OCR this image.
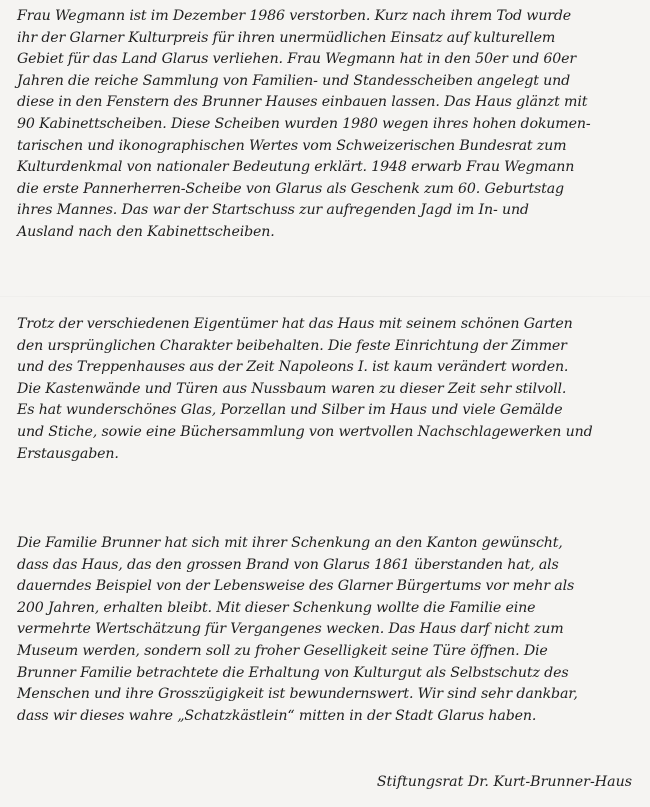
Frau Wegmann ist im Dezember 1986 verstorben. Kurz nach ihrem Tod wurde
ihr der Glarner Kulturpreis für ihren unermüdlichen Einsatz auf kulturellem
Gebiet für das Land Glarus verliehen. Frau Wegmann hat in den 50er und 60er
Jahren die reiche Sammlung von Familien- und Standesscheiben angelegt und
diese in den Fenstern des Brunner Hauses einbauen lassen. Das Haus glänzt mit
90 Kabinettscheiben. Diese Scheiben wurden 1980 wegen ihres hohen dokumen-
tarischen und ikonographischen Wertes vom Schweizerischen Bundesrat zum
Kulturdenkmal von nationaler Bedeutung erklärt. 1948 erwarb Frau Wegmann
die erste Pannerherren-Scheibe von Glarus als Geschenk zum 60. Geburtstag
ihres Mannes. Das war der Startschuss zur aufregenden Jagd im In- und
Ausland nach den Kabinettscheiben.
Trotz der verschiedenen Eigentümer hat das Haus mit seinem schönen Garten
den ursprünglichen Charakter beibehalten. Die feste Einrichtung der Zimmer
und des Treppenhauses aus der Zeit Napoleons I. ist kaum verändert worden.
Die Kastenwände und Türen aus Nussbaum waren zu dieser Zeit sehr stilvoll.
Es hat wunderschönes Glas, Porzellan und Silber im Haus und viele Gemälde
und Stiche, sowie eine Büchersammlung von wertvollen Nachschlagewerken und
Erstausgaben.
Die Familie Brunner hat sich mit ihrer Schenkung an den Kanton gewünscht,
dass das Haus, das den grossen Brand von Glarus 1861 überstanden hat, als
dauerndes Beispiel von der Lebensweise des Glarner Bürgertums vor mehr als
200 Jahren, erhalten bleibt. Mit dieser Schenkung wollte die Familie eine
vermehrte Wertschätzung für Vergangenes wecken. Das Haus darf nicht zum
Museum werden, sondern soll zu froher Geselligkeit seine Türe öffnen. Die
Brunner Familie betrachtete die Erhaltung von Kulturgut als Selbstschutz des
Menschen und ihre Grosszügigkeit ist bewundernswert. Wir sind sehr dankbar,
dass wir dieses wahre „Schatzkästlein“ mitten in der Stadt Glarus haben.
Stiftungsrat Dr. Kurt-Brunner-Haus
